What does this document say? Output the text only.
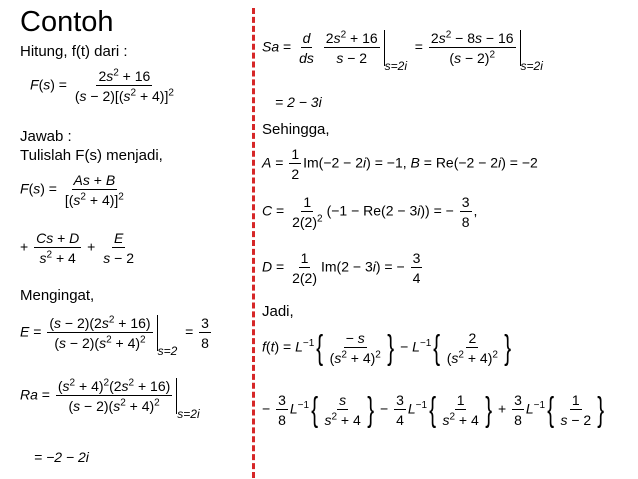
Contoh
Hitung, f(t) dari :
$F(s) = \frac{2s^2 + 16}{(s - 2)[(s^2 + 4)]^2}$
Jawab :
Tulislah F(s) menjadi,
$F(s) = \frac{As + B}{[(s^2 + 4)]^2}$
+ $\frac{Cs + D}{s^2 + 4} + \frac{E}{s - 2}$
Mengingat,
$E = \frac{(s - 2)(2s^2 + 16)}{(s - 2)(s^2 + 4)^2} s=2 = \frac{3}{8}$
$Ra = \frac{(s^2 + 4)^2(2s^2 + 16)}{(s - 2)(s^2 + 4)^2} s=2i$
= −2 − 2i
$Sa = \frac{d}{ds}$
$\frac{2s^2 + 16}{s - 2} s=2i = \frac{2s^2 - 8s - 16}{(s - 2)^2} s=2i$
= 2 − 3i
Sehingga,
$A = \frac{1}{2} Im(-2 - 2i) = -1$, B = Re(−2 − 2i) = −2
$C = \frac{1}{2(2)^2} (-1 - Re(2 - 3i))$ = − $\frac{3}{8}$ ,
$D = \frac{1}{2(2)} Im(2 - 3i)$ = − $\frac{3}{4}$
Jadi,
$f(t) = L^{-1}\{ \frac{- s}{(s^2 + 4)^2}$ } − $L^{-1}\{ \frac{2}{(s^2 + 4)^2}$ }
− $\frac{3}{8} L^{-1}\{ \frac{s}{s^2 + 4}$ } − $\frac{3}{4} L^{-1}\{ \frac{1}{s^2 + 4}$ } + $\frac{3}{8} L^{-1}\{ \frac{1}{s - 2}$ }
